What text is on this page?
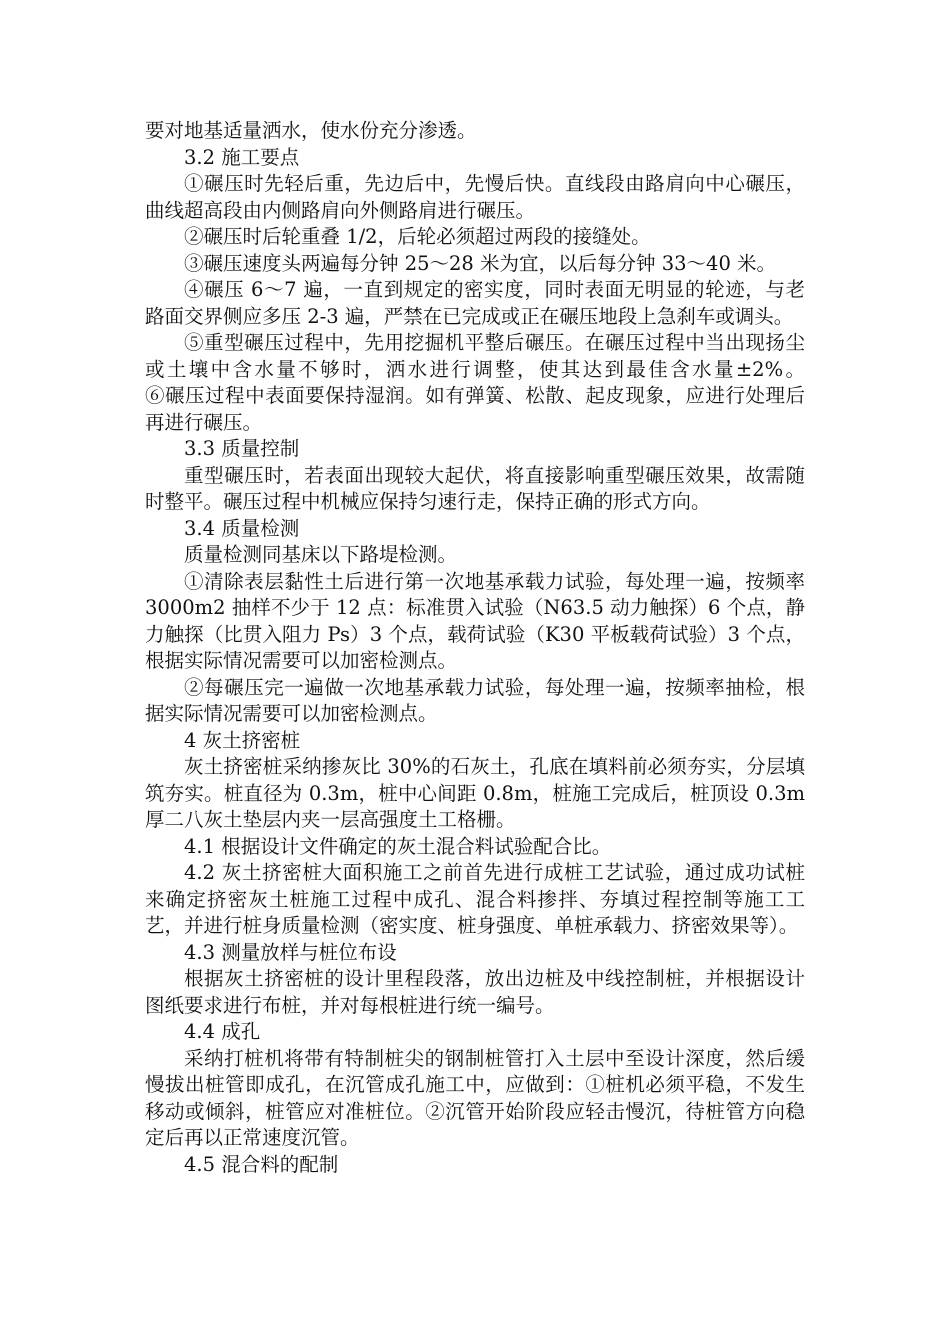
要对地基适量洒水，使水份充分渗透。

3.2 施工要点

①碾压时先轻后重，先边后中，先慢后快。直线段由路肩向中心碾压，曲线超高段由内侧路肩向外侧路肩进行碾压。

②碾压时后轮重叠 1/2，后轮必须超过两段的接缝处。

③碾压速度头两遍每分钟 25～28 米为宜，以后每分钟 33～40 米。

④碾压 6～7 遍，一直到规定的密实度，同时表面无明显的轮迹，与老路面交界侧应多压 2-3 遍，严禁在已完成或正在碾压地段上急刹车或调头。

⑤重型碾压过程中，先用挖掘机平整后碾压。在碾压过程中当出现扬尘或土壤中含水量不够时，洒水进行调整，使其达到最佳含水量±2%。        ⑥碾压过程中表面要保持湿润。如有弹簧、松散、起皮现象，应进行处理后再进行碾压。

3.3 质量控制

重型碾压时，若表面出现较大起伏，将直接影响重型碾压效果，故需随时整平。碾压过程中机械应保持匀速行走，保持正确的形式方向。

3.4 质量检测

质量检测同基床以下路堤检测。

①清除表层黏性土后进行第一次地基承载力试验，每处理一遍，按频率 3000m2 抽样不少于 12 点：标准贯入试验（N63.5 动力触探）6 个点，静力触探（比贯入阻力 Ps）3 个点，载荷试验（K30 平板载荷试验）3 个点，根据实际情况需要可以加密检测点。

②每碾压完一遍做一次地基承载力试验，每处理一遍，按频率抽检，根据实际情况需要可以加密检测点。

4 灰土挤密桩

灰土挤密桩采纳掺灰比 30%的石灰土，孔底在填料前必须夯实，分层填筑夯实。桩直径为 0.3m，桩中心间距 0.8m，桩施工完成后，桩顶设 0.3m 厚二八灰土垫层内夹一层高强度土工格栅。

4.1 根据设计文件确定的灰土混合料试验配合比。

4.2 灰土挤密桩大面积施工之前首先进行成桩工艺试验，通过成功试桩来确定挤密灰土桩施工过程中成孔、混合料掺拌、夯填过程控制等施工工艺，并进行桩身质量检测（密实度、桩身强度、单桩承载力、挤密效果等）。

4.3 测量放样与桩位布设

根据灰土挤密桩的设计里程段落，放出边桩及中线控制桩，并根据设计图纸要求进行布桩，并对每根桩进行统一编号。

4.4 成孔

采纳打桩机将带有特制桩尖的钢制桩管打入土层中至设计深度，然后缓慢拔出桩管即成孔，在沉管成孔施工中，应做到：①桩机必须平稳，不发生移动或倾斜，桩管应对准桩位。②沉管开始阶段应轻击慢沉，待桩管方向稳定后再以正常速度沉管。

4.5 混合料的配制
